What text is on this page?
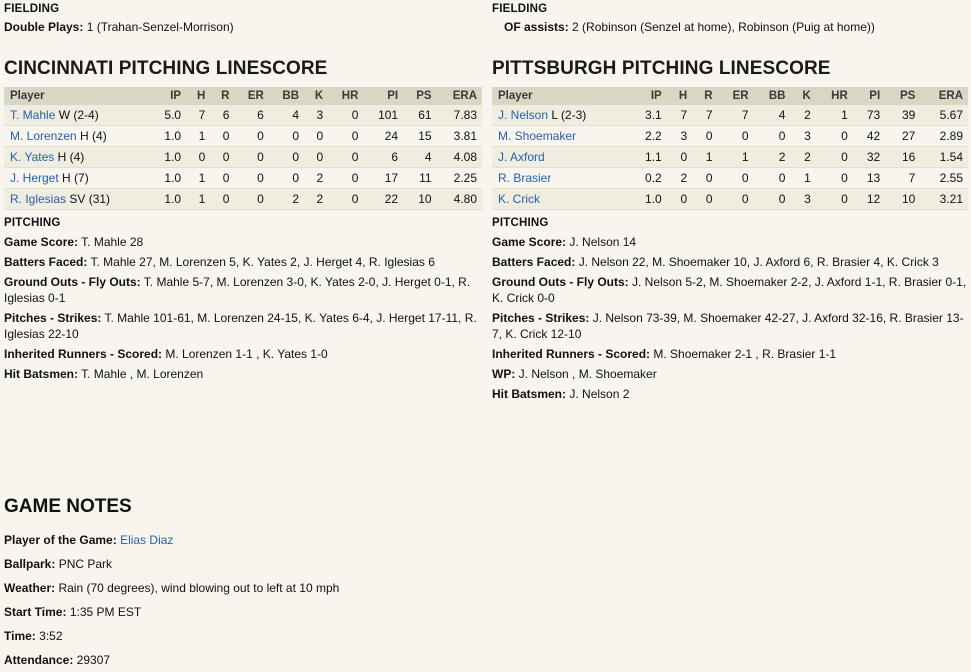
FIELDING
Double Plays: 1 (Trahan-Senzel-Morrison)
CINCINNATI PITCHING LINESCORE
Player	IP	H	R	ER	BB	K	HR	PI	PS	ERA
T. Mahle W (2-4)	5.0	7	6	6	4	3	0	101	61	7.83
M. Lorenzen H (4)	1.0	1	0	0	0	0	0	24	15	3.81
K. Yates H (4)	1.0	0	0	0	0	0	0	6	4	4.08
J. Herget H (7)	1.0	1	0	0	0	2	0	17	11	2.25
R. Iglesias SV (31)	1.0	1	0	0	2	2	0	22	10	4.80
PITCHING
Game Score: T. Mahle 28
Batters Faced: T. Mahle 27, M. Lorenzen 5, K. Yates 2, J. Herget 4, R. Iglesias 6
Ground Outs - Fly Outs: T. Mahle 5-7, M. Lorenzen 3-0, K. Yates 2-0, J. Herget 0-1, R. Iglesias 0-1
Pitches - Strikes: T. Mahle 101-61, M. Lorenzen 24-15, K. Yates 6-4, J. Herget 17-11, R. Iglesias 22-10
Inherited Runners - Scored: M. Lorenzen 1-1 , K. Yates 1-0
Hit Batsmen: T. Mahle , M. Lorenzen
FIELDING
OF assists: 2 (Robinson (Senzel at home), Robinson (Puig at home))
PITTSBURGH PITCHING LINESCORE
Player	IP	H	R	ER	BB	K	HR	PI	PS	ERA
J. Nelson L (2-3)	3.1	7	7	7	4	2	1	73	39	5.67
M. Shoemaker	2.2	3	0	0	0	3	0	42	27	2.89
J. Axford	1.1	0	1	1	2	2	0	32	16	1.54
R. Brasier	0.2	2	0	0	0	1	0	13	7	2.55
K. Crick	1.0	0	0	0	0	3	0	12	10	3.21
PITCHING
Game Score: J. Nelson 14
Batters Faced: J. Nelson 22, M. Shoemaker 10, J. Axford 6, R. Brasier 4, K. Crick 3
Ground Outs - Fly Outs: J. Nelson 5-2, M. Shoemaker 2-2, J. Axford 1-1, R. Brasier 0-1, K. Crick 0-0
Pitches - Strikes: J. Nelson 73-39, M. Shoemaker 42-27, J. Axford 32-16, R. Brasier 13-7, K. Crick 12-10
Inherited Runners - Scored: M. Shoemaker 2-1 , R. Brasier 1-1
WP: J. Nelson , M. Shoemaker
Hit Batsmen: J. Nelson 2
GAME NOTES
Player of the Game: Elias Diaz
Ballpark: PNC Park
Weather: Rain (70 degrees), wind blowing out to left at 10 mph
Start Time: 1:35 PM EST
Time: 3:52
Attendance: 29307
